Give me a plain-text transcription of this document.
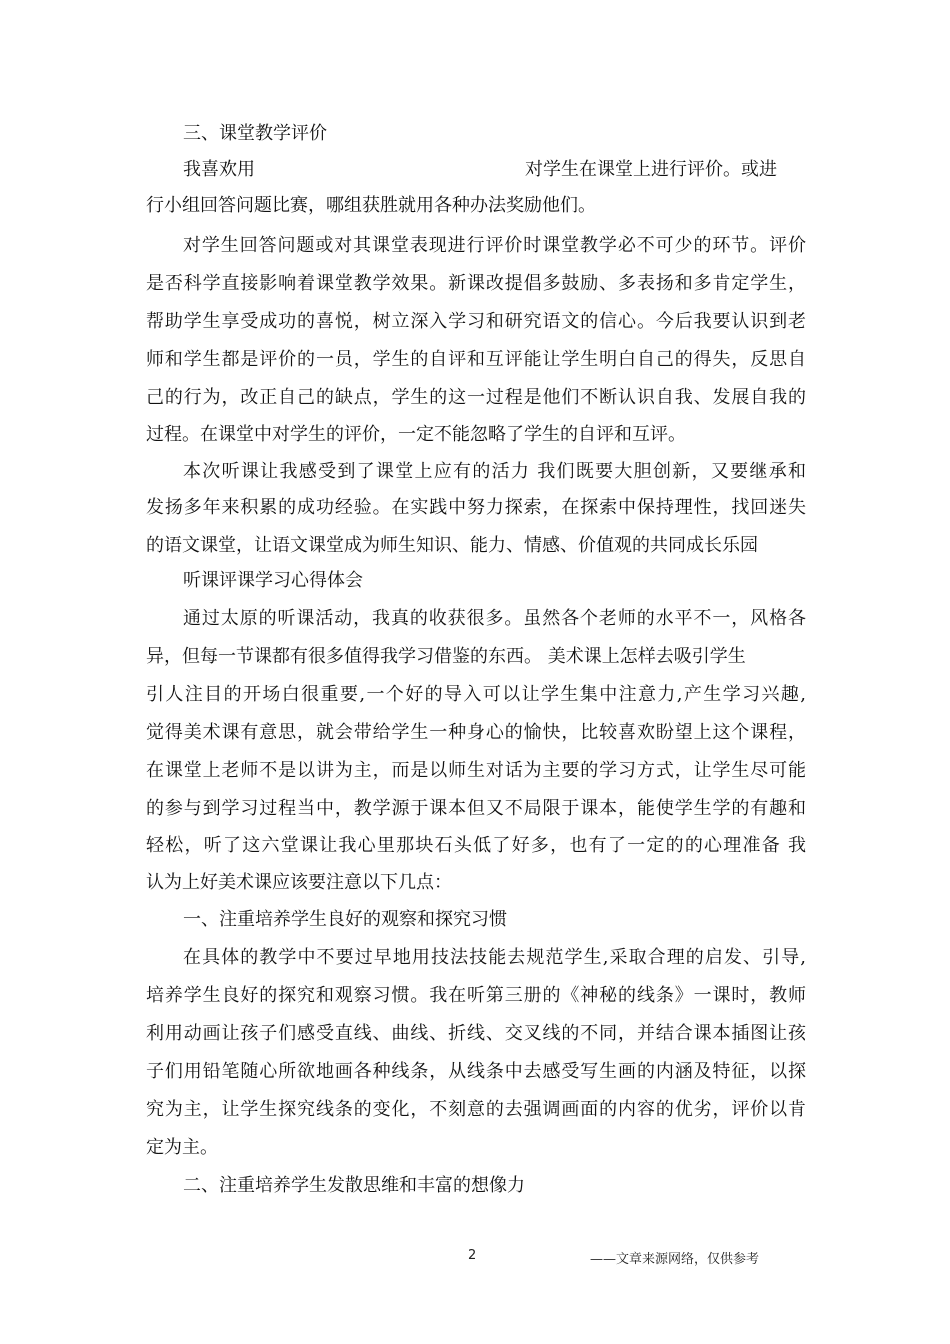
三、课堂教学评价
我喜欢用	对学生在课堂上进行评价。或进
行小组回答问题比赛，哪组获胜就用各种办法奖励他们。
对学生回答问题或对其课堂表现进行评价时课堂教学必不可少的环节。评价
是否科学直接影响着课堂教学效果。新课改提倡多鼓励、多表扬和多肯定学生，
帮助学生享受成功的喜悦，树立深入学习和研究语文的信心。今后我要认识到老
师和学生都是评价的一员，学生的自评和互评能让学生明白自己的得失，反思自
己的行为，改正自己的缺点，学生的这一过程是他们不断认识自我、发展自我的
过程。在课堂中对学生的评价，一定不能忽略了学生的自评和互评。
本次听课让我感受到了课堂上应有的活力 我们既要大胆创新，又要继承和
发扬多年来积累的成功经验。在实践中努力探索，在探索中保持理性，找回迷失
的语文课堂，让语文课堂成为师生知识、能力、情感、价值观的共同成长乐园
听课评课学习心得体会
通过太原的听课活动，我真的收获很多。虽然各个老师的水平不一，风格各
异，但每一节课都有很多值得我学习借鉴的东西。 美术课上怎样去吸引学生
引人注目的开场白很重要,一个好的导入可以让学生集中注意力,产生学习兴趣,
觉得美术课有意思，就会带给学生一种身心的愉快，比较喜欢盼望上这个课程，
在课堂上老师不是以讲为主，而是以师生对话为主要的学习方式，让学生尽可能
的参与到学习过程当中，教学源于课本但又不局限于课本，能使学生学的有趣和
轻松，听了这六堂课让我心里那块石头低了好多，也有了一定的的心理准备 我
认为上好美术课应该要注意以下几点：
一、注重培养学生良好的观察和探究习惯
在具体的教学中不要过早地用技法技能去规范学生,采取合理的启发、引导,
培养学生良好的探究和观察习惯。我在听第三册的《神秘的线条》一课时，教师
利用动画让孩子们感受直线、曲线、折线、交叉线的不同，并结合课本插图让孩
子们用铅笔随心所欲地画各种线条，从线条中去感受写生画的内涵及特征，以探
究为主，让学生探究线条的变化，不刻意的去强调画面的内容的优劣，评价以肯
定为主。
二、注重培养学生发散思维和丰富的想像力
2	——文章来源网络，仅供参考
